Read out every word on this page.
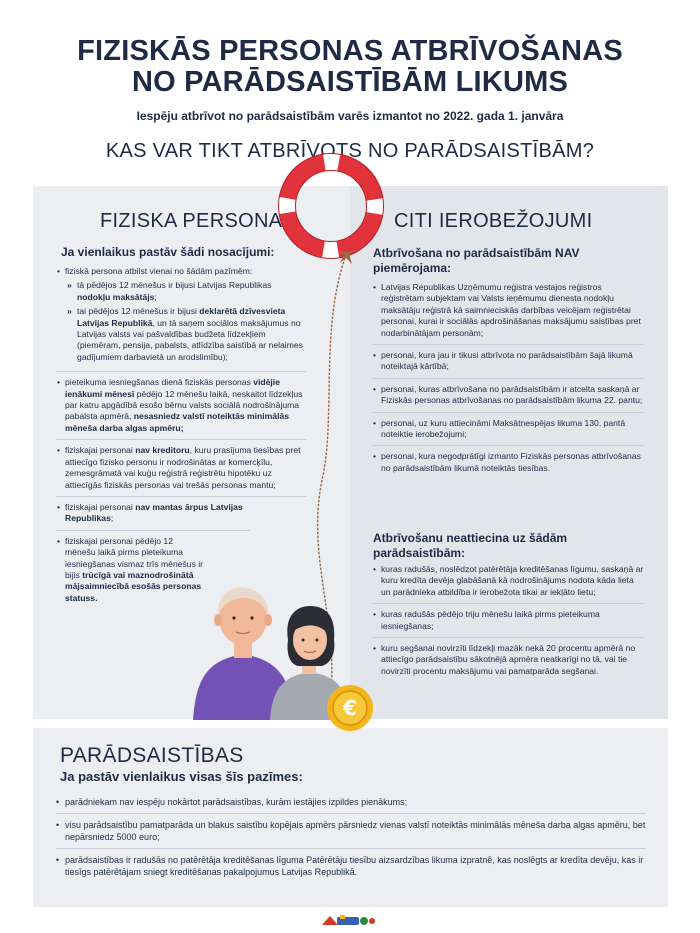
FIZISKĀS PERSONAS ATBRĪVOŠANAS
NO PARĀDSAISTĪBĀM LIKUMS
Iespēju atbrīvot no parādsaistībām varēs izmantot no 2022. gada 1. janvāra
KAS VAR TIKT ATBRĪVOTS NO PARĀDSAISTĪBĀM?
FIZISKA PERSONA
Ja vienlaikus pastāv šādi nosacījumi:
• fiziskā persona atbilst vienai no šādām pazīmēm:
» tā pēdējos 12 mēnešus ir bijusi Latvijas Republikas nodokļu maksātājs;
» tai pēdējos 12 mēnešus ir bijusi deklarētā dzīvesvieta Latvijas Republikā, un tā saņem sociālos maksājumus no Latvijas valsts vai pašvaldības budžeta līdzekļiem (piemēram, pensija, pabalsts, atlīdzība saistībā ar nelaimes gadījumiem darbavietā un arodslimību);
• pieteikuma iesniegšanas dienā fiziskās personas vidējie ienākumi mēnesī pēdējo 12 mēnešu laikā, neskaitot līdzekļus par katru apgādībā esošo bērnu valsts sociālā nodrošinājuma pabalsta apmērā, nesasniedz valstī noteiktās minimālās mēneša darba algas apmēru;
• fiziskajai personai nav kreditoru, kuru prasījuma tiesības pret attiecīgo fizisko personu ir nodrošinātas ar komercķīlu, zemesgrāmatā vai kuģu reģistrā reģistrētu hipotēku uz attiecīgās fiziskās personas vai trešās personas mantu;
• fiziskajai personai nav mantas ārpus Latvijas Republikas;
• fiziskajai personai pēdējo 12 mēnešu laikā pirms pieteikuma iesniegšanas vismaz trīs mēnešus ir bijis trūcīgā vai maznodrošinātā mājsaimniecībā esošās personas statuss.
€
CITI IEROBEŽOJUMI
Atbrīvošana no parādsaistībām NAV piemērojama:
• Latvijas Republikas Uzņēmumu reģistra vestajos reģistros reģistrētam subjektam vai Valsts ieņēmumu dienesta nodokļu maksātāju reģistrā kā saimnieciskās darbības veicējam reģistrētai personai, kurai ir sociālās apdrošināšanas maksājumu saistības pret nodarbinātājam personām;
• personai, kura jau ir tikusi atbrīvota no parādsaistībām šajā likumā noteiktajā kārtībā;
• personai, kuras atbrīvošana no parādsaistībām ir atcelta saskaņā ar Fiziskās personas atbrīvošanas no parādsaistībām likuma 22. pantu;
• personai, uz kuru attiecināmi Maksātnespējas likuma 130. pantā noteiktie ierobežojumi;
• personai, kura negodprātīgi izmanto Fiziskās personas atbrīvošanas no parādsaistībām likumā noteiktās tiesības.
Atbrīvošanu neattiecina uz šādām parādsaistībām:
• kuras radušās, noslēdzot patērētāja kreditēšanas līgumu, saskaņā ar kuru kredīta devēja glabāšanā kā nodrošinājums nodota kāda lieta un parādnieka atbildība ir ierobežota tikai ar iekļāto lietu;
• kuras radušās pēdējo triju mēnešu laikā pirms pieteikuma iesniegšanas;
• kuru segšanai novirzīti līdzekļi mazāk nekā 20 procentu apmērā no attiecīgo parādsaistību sākotnējā apmēra neatkarīgi no tā, vai tie novirzīti procentu maksājumu vai pamatparāda segšanai.
PARĀDSAISTĪBAS
Ja pastāv vienlaikus visas šīs pazīmes:
• parādniekam nav iespēju nokārtot parādsaistības, kurām iestājies izpildes pienākums;
• visu parādsaistību pamatparāda un blakus saistību kopējais apmērs pārsniedz vienas valstī noteiktās minimālās mēneša darba algas apmēru, bet nepārsniedz 5000 euro;
• parādsaistības ir radušās no patērētāja kreditēšanas līguma Patērētāju tiesību aizsardzības likuma izpratnē, kas noslēgts ar kredīta devēju, kas ir tiesīgs patērētājam sniegt kreditēšanas pakalpojumus Latvijas Republikā.
